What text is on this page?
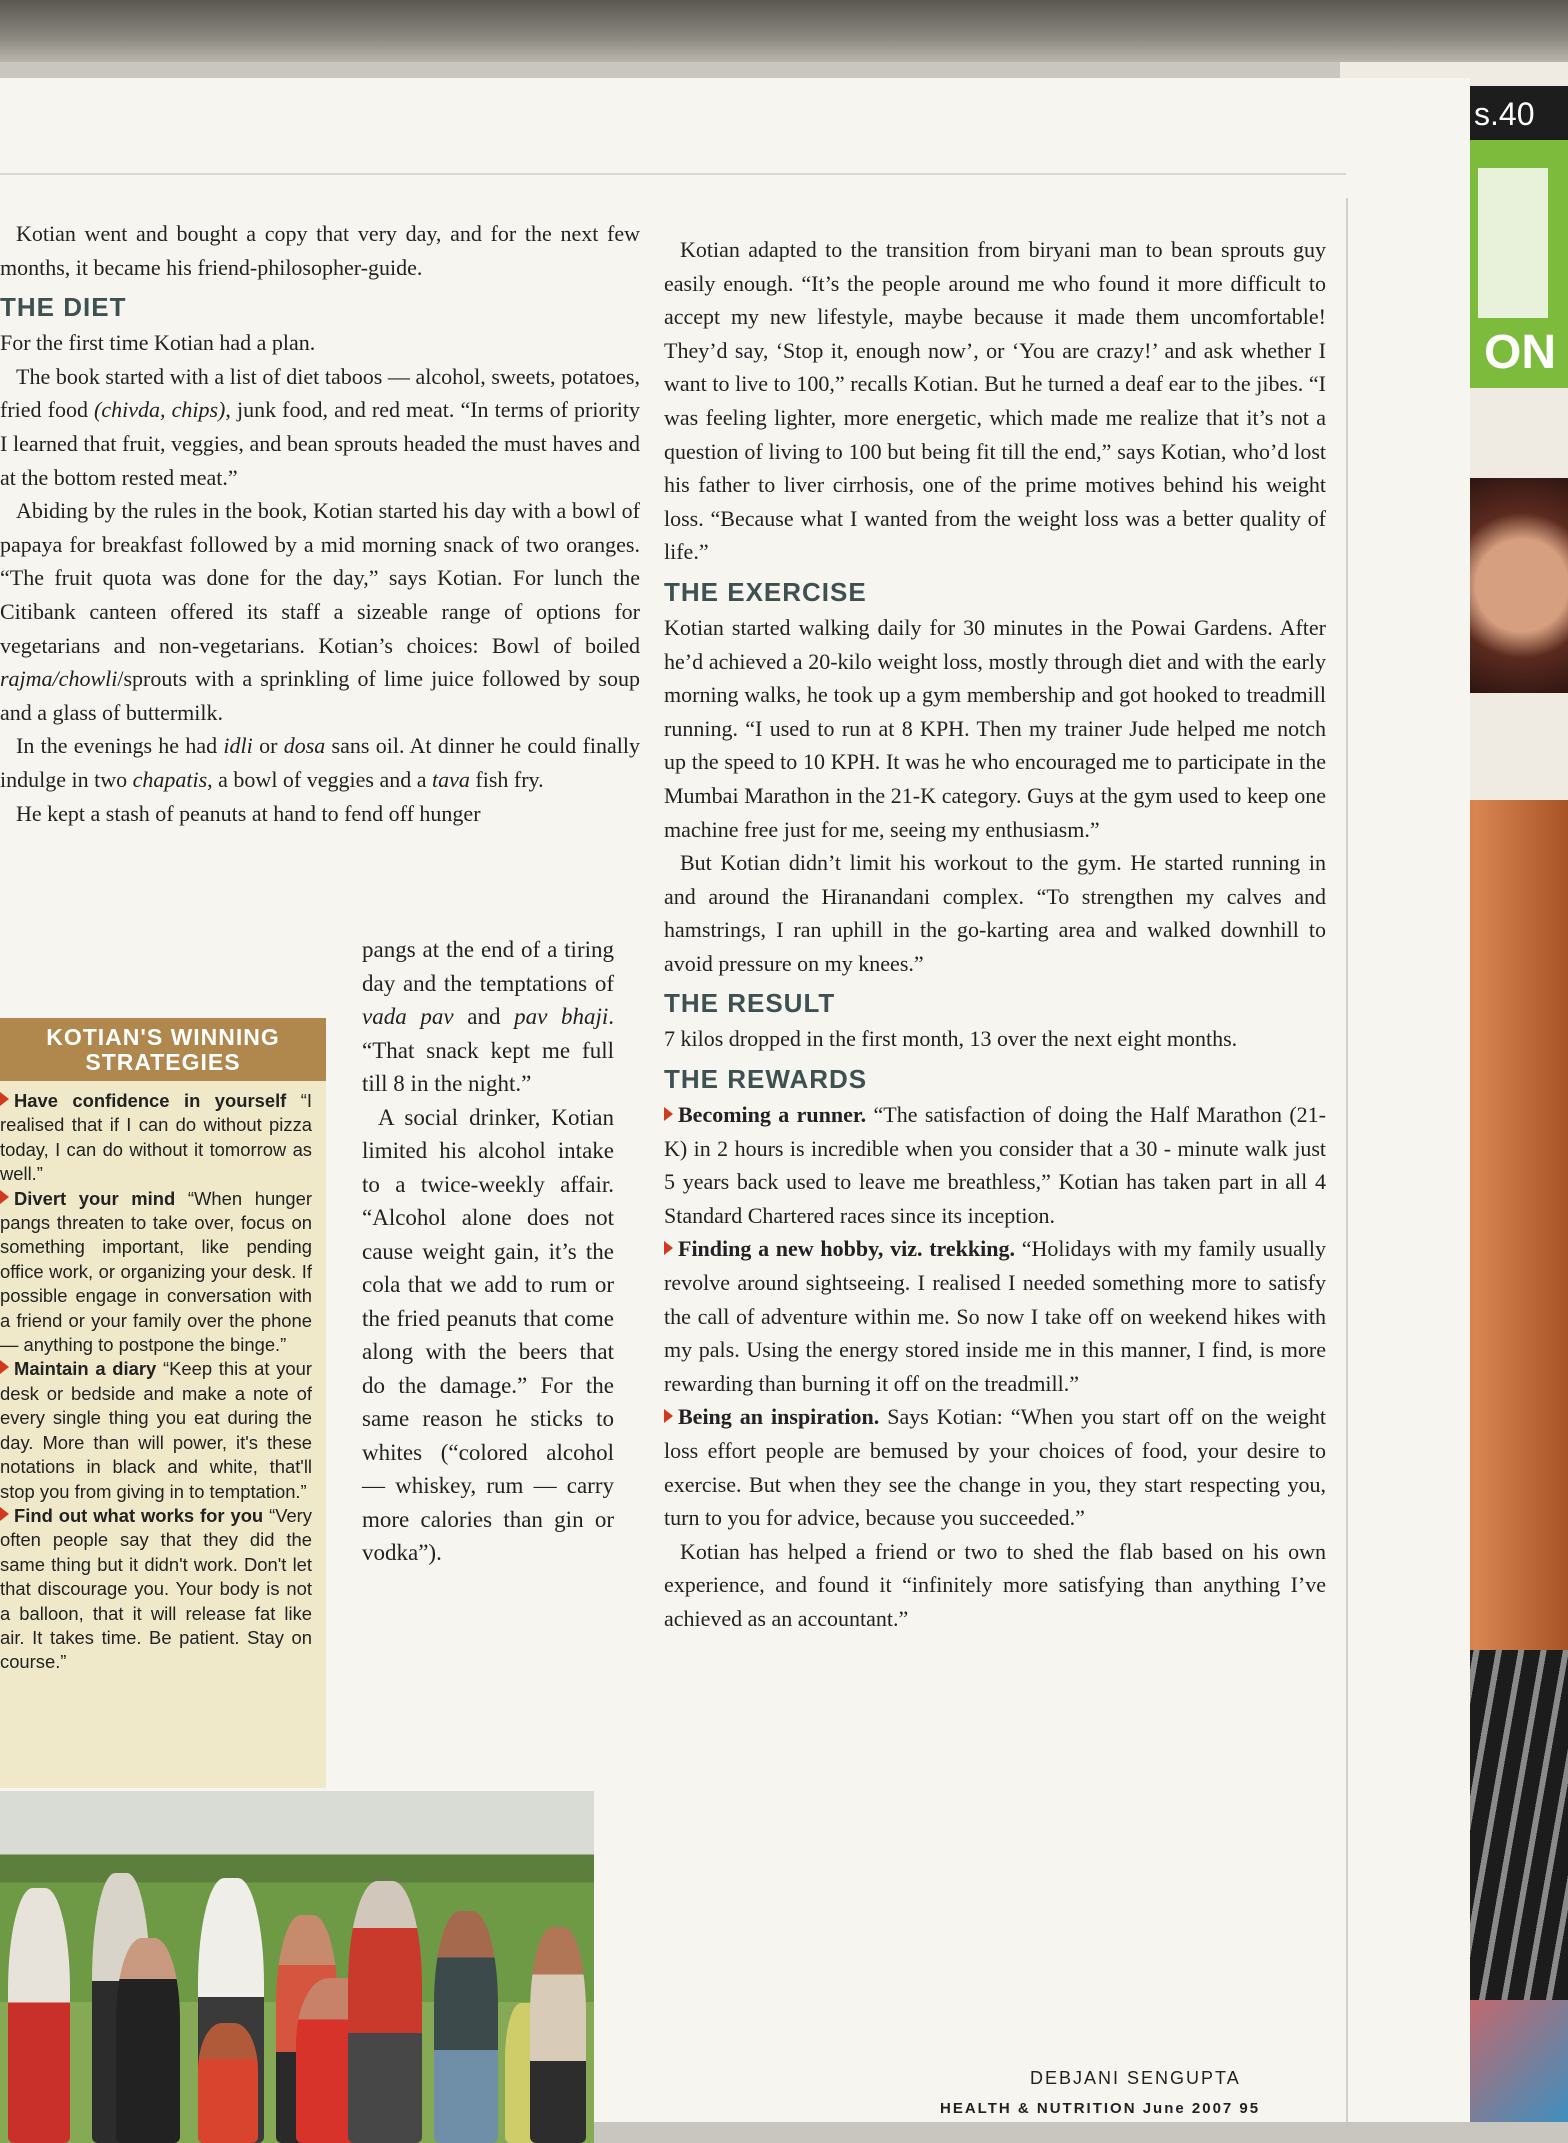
s.40
ON

Kotian went and bought a copy that very day, and for the next few months, it became his friend-philosopher-guide.

THE DIET

For the first time Kotian had a plan.

The book started with a list of diet taboos — alcohol, sweets, potatoes, fried food (chivda, chips), junk food, and red meat. “In terms of priority I learned that fruit, veggies, and bean sprouts headed the must haves and at the bottom rested meat.”

Abiding by the rules in the book, Kotian started his day with a bowl of papaya for breakfast followed by a mid morning snack of two oranges. “The fruit quota was done for the day,” says Kotian. For lunch the Citibank canteen offered its staff a sizeable range of options for vegetarians and non-vegetarians. Kotian’s choices: Bowl of boiled rajma/chowli/sprouts with a sprinkling of lime juice followed by soup and a glass of buttermilk.

In the evenings he had idli or dosa sans oil. At dinner he could finally indulge in two chapatis, a bowl of veggies and a tava fish fry.

He kept a stash of peanuts at hand to fend off hunger

KOTIAN'S WINNING STRATEGIES

Have confidence in yourself “I realised that if I can do without pizza today, I can do without it tomorrow as well.”

Divert your mind “When hunger pangs threaten to take over, focus on something important, like pending office work, or organizing your desk. If possible engage in conversation with a friend or your family over the phone — anything to postpone the binge.”

Maintain a diary “Keep this at your desk or bedside and make a note of every single thing you eat during the day. More than will power, it's these notations in black and white, that'll stop you from giving in to temptation.”

Find out what works for you “Very often people say that they did the same thing but it didn't work. Don't let that discourage you. Your body is not a balloon, that it will release fat like air. It takes time. Be patient. Stay on course.”

pangs at the end of a tiring day and the temptations of vada pav and pav bhaji. “That snack kept me full till 8 in the night.”

A social drinker, Kotian limited his alcohol intake to a twice-weekly affair. “Alcohol alone does not cause weight gain, it’s the cola that we add to rum or the fried peanuts that come along with the beers that do the damage.” For the same reason he sticks to whites (“colored alcohol — whiskey, rum — carry more calories than gin or vodka”).

Kotian adapted to the transition from biryani man to bean sprouts guy easily enough. “It’s the people around me who found it more difficult to accept my new lifestyle, maybe because it made them uncomfortable! They’d say, ‘Stop it, enough now’, or ‘You are crazy!’ and ask whether I want to live to 100,” recalls Kotian. But he turned a deaf ear to the jibes. “I was feeling lighter, more energetic, which made me realize that it’s not a question of living to 100 but being fit till the end,” says Kotian, who’d lost his father to liver cirrhosis, one of the prime motives behind his weight loss. “Because what I wanted from the weight loss was a better quality of life.”

THE EXERCISE

Kotian started walking daily for 30 minutes in the Powai Gardens. After he’d achieved a 20-kilo weight loss, mostly through diet and with the early morning walks, he took up a gym membership and got hooked to treadmill running. “I used to run at 8 KPH. Then my trainer Jude helped me notch up the speed to 10 KPH. It was he who encouraged me to participate in the Mumbai Marathon in the 21-K category. Guys at the gym used to keep one machine free just for me, seeing my enthusiasm.”

But Kotian didn’t limit his workout to the gym. He started running in and around the Hiranandani complex. “To strengthen my calves and hamstrings, I ran uphill in the go-karting area and walked downhill to avoid pressure on my knees.”

THE RESULT

7 kilos dropped in the first month, 13 over the next eight months.

THE REWARDS

Becoming a runner. “The satisfaction of doing the Half Marathon (21-K) in 2 hours is incredible when you consider that a 30 - minute walk just 5 years back used to leave me breathless,” Kotian has taken part in all 4 Standard Chartered races since its inception.

Finding a new hobby, viz. trekking. “Holidays with my family usually revolve around sightseeing. I realised I needed something more to satisfy the call of adventure within me. So now I take off on weekend hikes with my pals. Using the energy stored inside me in this manner, I find, is more rewarding than burning it off on the treadmill.”

Being an inspiration. Says Kotian: “When you start off on the weight loss effort people are bemused by your choices of food, your desire to exercise. But when they see the change in you, they start respecting you, turn to you for advice, because you succeeded.”

Kotian has helped a friend or two to shed the flab based on his own experience, and found it “infinitely more satisfying than anything I’ve achieved as an accountant.”

DEBJANI SENGUPTA
HEALTH & NUTRITION June 2007 95
